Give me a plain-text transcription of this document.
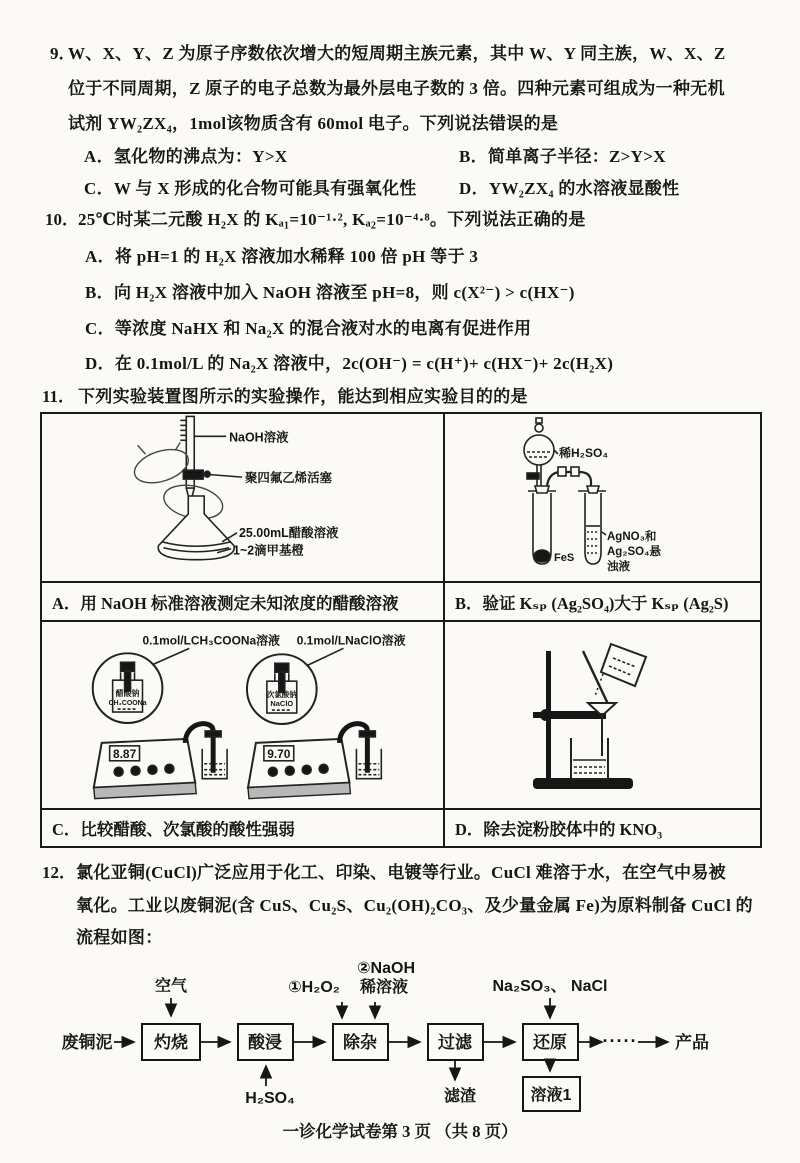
9．
W、X、Y、Z 为原子序数依次增大的短周期主族元素，其中 W、Y 同主族，W、X、Z
位于不同周期，Z 原子的电子总数为最外层电子数的 3 倍。四种元素可组成为一种无机
试剂 YW₂ZX₄，1mol该物质含有 60mol 电子。下列说法错误的是
A．氢化物的沸点为：Y>X	B．简单离子半径：Z>Y>X
C．W 与 X 形成的化合物可能具有强氧化性 D．YW₂ZX₄ 的水溶液显酸性
10． 25℃时某二元酸 H₂X 的 Kₐ₁=10⁻¹·², Kₐ₂=10⁻⁴·⁸。下列说法正确的是
A．将 pH=1 的 H₂X 溶液加水稀释 100 倍 pH 等于 3
B．向 H₂X 溶液中加入 NaOH 溶液至 pH=8，则 c(X²⁻) > c(HX⁻)
C．等浓度 NaHX 和 Na₂X 的混合液对水的电离有促进作用
D．在 0.1mol/L 的 Na₂X 溶液中，2c(OH⁻) = c(H⁺)+ c(HX⁻)+ 2c(H₂X)
11． 下列实验装置图所示的实验操作，能达到相应实验目的的是
NaOH溶液
聚四氟乙烯活塞
25.00mL醋酸溶液
1~2滴甲基橙
稀H₂SO₄
FeS
AgNO₃和
Ag₂SO₄悬
浊液
A．用 NaOH 标准溶液测定未知浓度的醋酸溶液	B．验证 Kₛₚ (Ag₂SO₄)大于 Kₛₚ (Ag₂S)
0.1mol/LCH₃COONa溶液 0.1mol/LNaClO溶液
醋酸钠
CH₃COONa
次氯酸钠
NaClO
8.87	9.70
C．比较醋酸、次氯酸的酸性强弱	D．除去淀粉胶体中的 KNO₃
12． 氯化亚铜(CuCl)广泛应用于化工、印染、电镀等行业。CuCl 难溶于水，在空气中易被
氧化。工业以废铜泥(含 CuS、Cu₂S、Cu₂(OH)₂CO₃、及少量金属 Fe)为原料制备 CuCl 的
流程如图：
废铜泥 灼烧	酸浸	除杂	过滤	还原 ····· 产品
空气	①H₂O₂
②NaOH
稀溶液	Na₂SO₃、 NaCl
H₂SO₄	滤渣	溶液1
一诊化学试卷第 3 页 （共 8 页）
